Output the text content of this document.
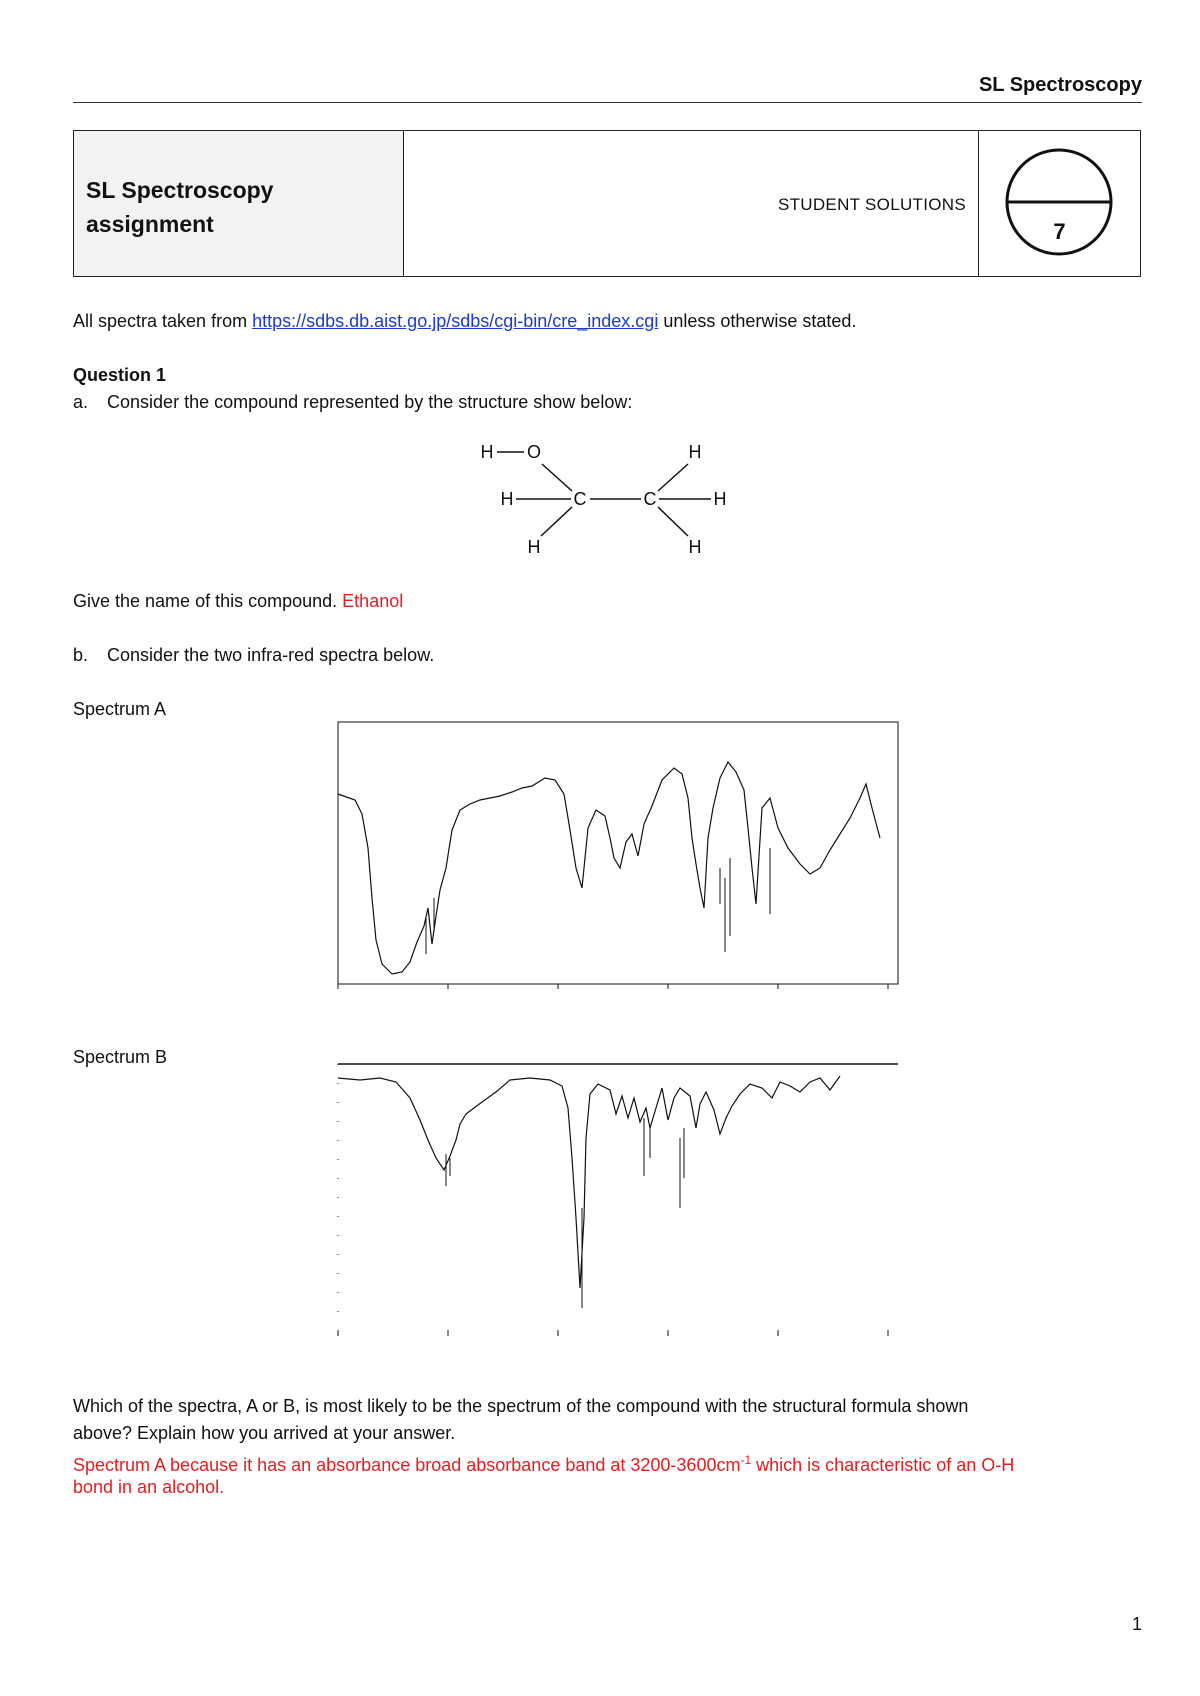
SL Spectroscopy
SL Spectroscopy
assignment
STUDENT SOLUTIONS
7
All spectra taken from https://sdbs.db.aist.go.jp/sdbs/cgi-bin/cre_index.cgi unless otherwise stated.
Question 1
a. Consider the compound represented by the structure show below:
H O	H
H	C	C	H
H	H
Give the name of this compound. Ethanol
b. Consider the two infra-red spectra below.
Spectrum A
Spectrum B
Which of the spectra, A or B, is most likely to be the spectrum of the compound with the structural formula shown
above? Explain how you arrived at your answer.
Spectrum A because it has an absorbance broad absorbance band at $3200-3600cm^{-1}$ which is characteristic of an O-H
bond in an alcohol.
1
